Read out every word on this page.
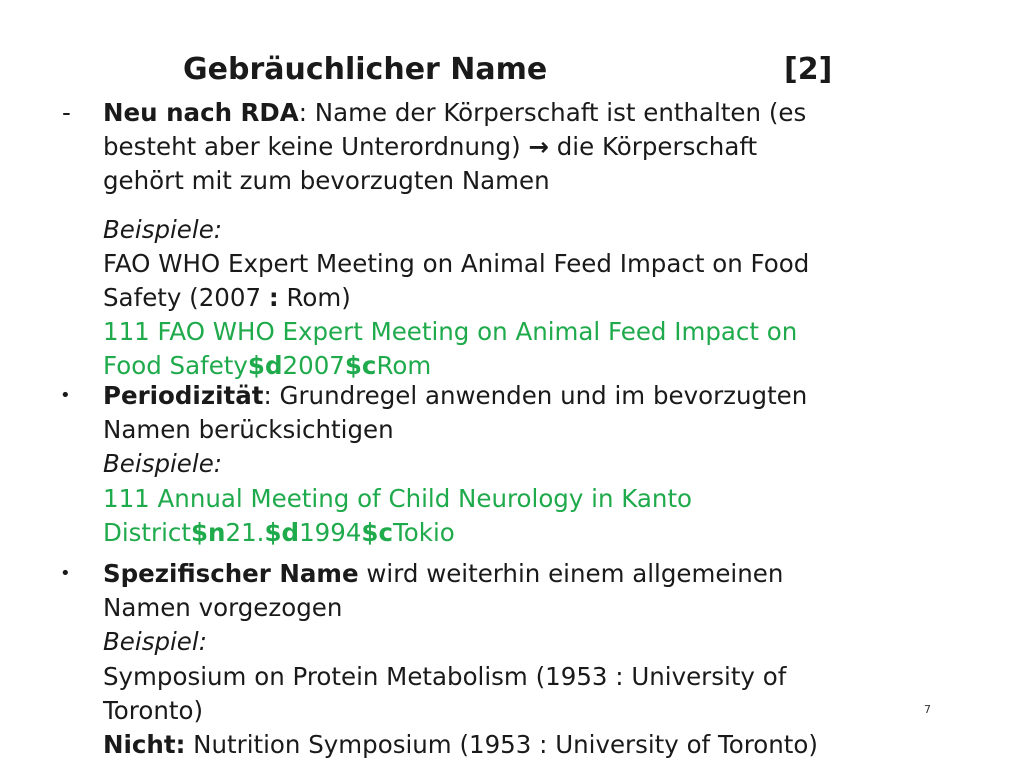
Gebräuchlicher Name	[2]
- Neu nach RDA: Name der Körperschaft ist enthalten (es
besteht aber keine Unterordnung) → die Körperschaft
gehört mit zum bevorzugten Namen
Beispiele:
FAO WHO Expert Meeting on Animal Feed Impact on Food
Safety (2007 : Rom)
111 FAO WHO Expert Meeting on Animal Feed Impact on
Food Safety$d2007$cRom
• Periodizität: Grundregel anwenden und im bevorzugten
Namen berücksichtigen
Beispiele:
111 Annual Meeting of Child Neurology in Kanto
District$n21.$d1994$cTokio
• Spezifischer Name wird weiterhin einem allgemeinen
Namen vorgezogen
Beispiel:
Symposium on Protein Metabolism (1953 : University of
Toronto)
Nicht: Nutrition Symposium (1953 : University of Toronto)
7
